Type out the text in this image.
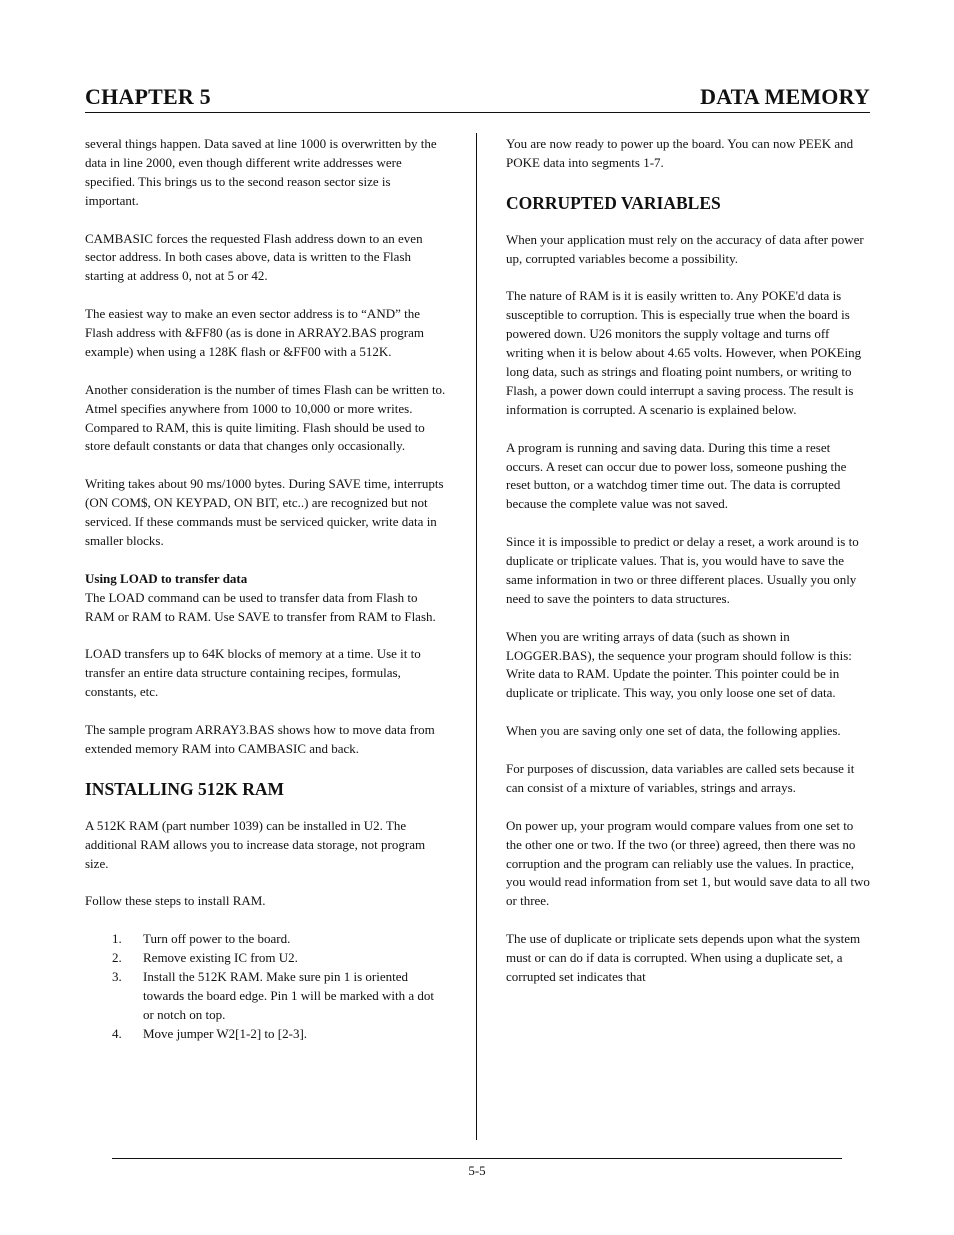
CHAPTER 5	DATA MEMORY

several things happen. Data saved at line 1000 is overwritten by the data in line 2000, even though different write addresses were specified. This brings us to the second reason sector size is important.

CAMBASIC forces the requested Flash address down to an even sector address. In both cases above, data is written to the Flash starting at address 0, not at 5 or 42.

The easiest way to make an even sector address is to “AND” the Flash address with &FF80 (as is done in ARRAY2.BAS program example) when using a 128K flash or &FF00 with a 512K.

Another consideration is the number of times Flash can be written to. Atmel specifies anywhere from 1000 to 10,000 or more writes. Compared to RAM, this is quite limiting. Flash should be used to store default constants or data that changes only occasionally.

Writing takes about 90 ms/1000 bytes. During SAVE time, interrupts (ON COM$, ON KEYPAD, ON BIT, etc..) are recognized but not serviced. If these commands must be serviced quicker, write data in smaller blocks.

Using LOAD to transfer data

The LOAD command can be used to transfer data from Flash to RAM or RAM to RAM. Use SAVE to transfer from RAM to Flash.

LOAD transfers up to 64K blocks of memory at a time. Use it to transfer an entire data structure containing recipes, formulas, constants, etc.

The sample program ARRAY3.BAS shows how to move data from extended memory RAM into CAMBASIC and back.

INSTALLING 512K RAM

A 512K RAM (part number 1039) can be installed in U2. The additional RAM allows you to increase data storage, not program size.

Follow these steps to install RAM.

1. Turn off power to the board.
2. Remove existing IC from U2.
3. Install the 512K RAM. Make sure pin 1 is oriented towards the board edge. Pin 1 will be marked with a dot or notch on top.
4. Move jumper W2[1-2] to [2-3].

You are now ready to power up the board. You can now PEEK and POKE data into segments 1-7.

CORRUPTED VARIABLES

When your application must rely on the accuracy of data after power up, corrupted variables become a possibility.

The nature of RAM is it is easily written to. Any POKE'd data is susceptible to corruption. This is especially true when the board is powered down. U26 monitors the supply voltage and turns off writing when it is below about 4.65 volts. However, when POKEing long data, such as strings and floating point numbers, or writing to Flash, a power down could interrupt a saving process. The result is information is corrupted. A scenario is explained below.

A program is running and saving data. During this time a reset occurs. A reset can occur due to power loss, someone pushing the reset button, or a watchdog timer time out. The data is corrupted because the complete value was not saved.

Since it is impossible to predict or delay a reset, a work around is to duplicate or triplicate values. That is, you would have to save the same information in two or three different places. Usually you only need to save the pointers to data structures.

When you are writing arrays of data (such as shown in LOGGER.BAS), the sequence your program should follow is this: Write data to RAM. Update the pointer. This pointer could be in duplicate or triplicate. This way, you only loose one set of data.

When you are saving only one set of data, the following applies.

For purposes of discussion, data variables are called sets because it can consist of a mixture of variables, strings and arrays.

On power up, your program would compare values from one set to the other one or two. If the two (or three) agreed, then there was no corruption and the program can reliably use the values. In practice, you would read information from set 1, but would save data to all two or three.

The use of duplicate or triplicate sets depends upon what the system must or can do if data is corrupted. When using a duplicate set, a corrupted set indicates that

5-5
